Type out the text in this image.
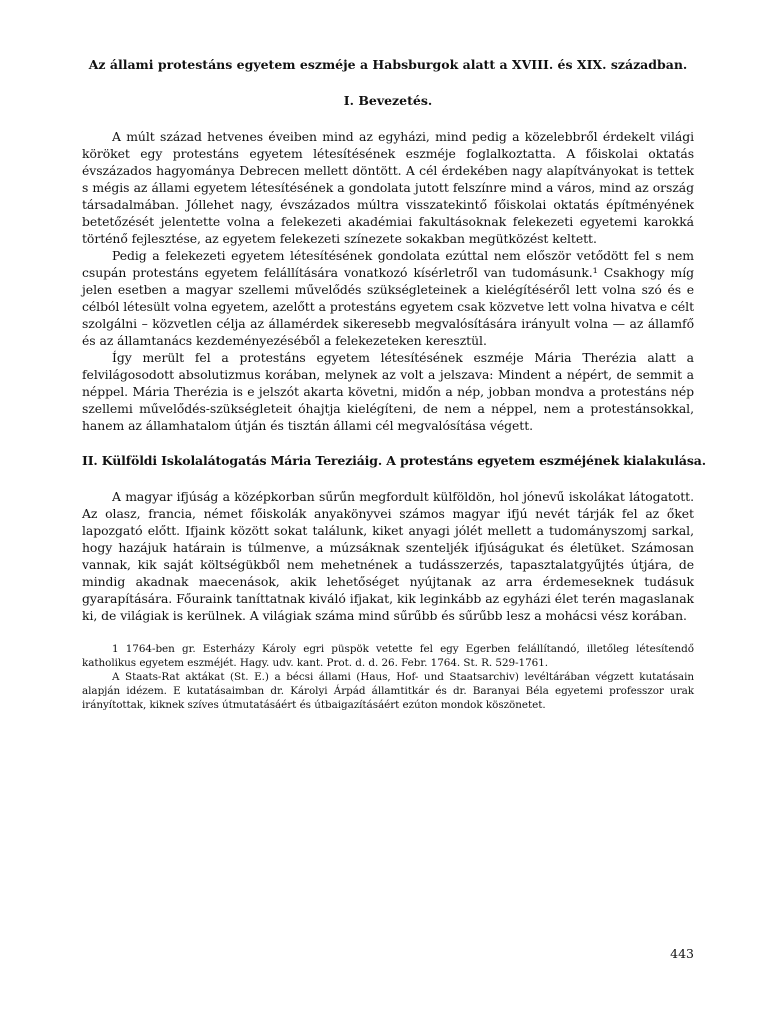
Az állami protestáns egyetem eszméje a Habsburgok alatt a XVIII. és XIX. században.
I. Bevezetés.

A múlt század hetvenes éveiben mind az egyházi, mind pedig a közelebbről érdekelt világi köröket egy protestáns egyetem létesítésének eszméje foglalkoztatta. A főiskolai oktatás évszázados hagyománya Debrecen mellett döntött. A cél érdekében nagy alapítványokat is tettek s mégis az állami egyetem létesítésének a gondolata jutott felszínre mind a város, mind az ország társadalmában. Jóllehet nagy, évszázados múltra visszatekintő főiskolai oktatás építményének betetőzését jelentette volna a felekezeti akadémiai fakultásoknak felekezeti egyetemi karokká történő fejlesztése, az egyetem felekezeti színezete sokakban megütközést keltett.

Pedig a felekezeti egyetem létesítésének gondolata ezúttal nem először vetődött fel s nem csupán protestáns egyetem felállítására vonatkozó kísérletről van tudomásunk.¹ Csakhogy míg jelen esetben a magyar szellemi művelődés szükségleteinek a kielégítéséről lett volna szó és e célból létesült volna egyetem, azelőtt a protestáns egyetem csak közvetve lett volna hivatva e célt szolgálni – közvetlen célja az államérdek sikeresebb megvalósítására irányult volna — az államfő és az államtanács kezdeményezéséből a felekezeteken keresztül.

Így merült fel a protestáns egyetem létesítésének eszméje Mária Therézia alatt a felvilágosodott absolutizmus korában, melynek az volt a jelszava: Mindent a népért, de semmit a néppel. Mária Therézia is e jelszót akarta követni, midőn a nép, jobban mondva a protestáns nép szellemi művelődés-szükségleteit óhajtja kielégíteni, de nem a néppel, nem a protestánsokkal, hanem az államhatalom útján és tisztán állami cél megvalósítása végett.

II. Külföldi Iskolalátogatás Mária Tereziáig. A protestáns egyetem eszméjének kialakulása.

A magyar ifjúság a középkorban sűrűn megfordult külföldön, hol jónevű iskolákat látogatott. Az olasz, francia, német főiskolák anyakönyvei számos magyar ifjú nevét tárják fel az őket lapozgató előtt. Ifjaink között sokat találunk, kiket anyagi jólét mellett a tudományszomj sarkal, hogy hazájuk határain is túlmenve, a múzsáknak szenteljék ifjúságukat és életüket. Számosan vannak, kik saját költségükből nem mehetnének a tudásszerzés, tapasztalatgyűjtés útjára, de mindig akadnak maecenások, akik lehetőséget nyújtanak az arra érdemeseknek tudásuk gyarapítására. Főuraink taníttatnak kiváló ifjakat, kik leginkább az egyházi élet terén magaslanak ki, de világiak is kerülnek. A világiak száma mind sűrűbb és sűrűbb lesz a mohácsi vész korában.

1 1764-ben gr. Esterházy Károly egri püspök vetette fel egy Egerben felállítandó, illetőleg létesítendő katholikus egyetem eszméjét. Hagy. udv. kant. Prot. d. d. 26. Febr. 1764. St. R. 529-1761.

A Staats-Rat aktákat (St. E.) a bécsi állami (Haus, Hof- und Staatsarchiv) levéltárában végzett kutatásain alapján idézem. E kutatásaimban dr. Károlyi Árpád államtitkár és dr. Baranyai Béla egyetemi professzor urak irányítottak, kiknek szíves útmutatásáért és útbaigazításáért ezúton mondok köszönetet.

443
